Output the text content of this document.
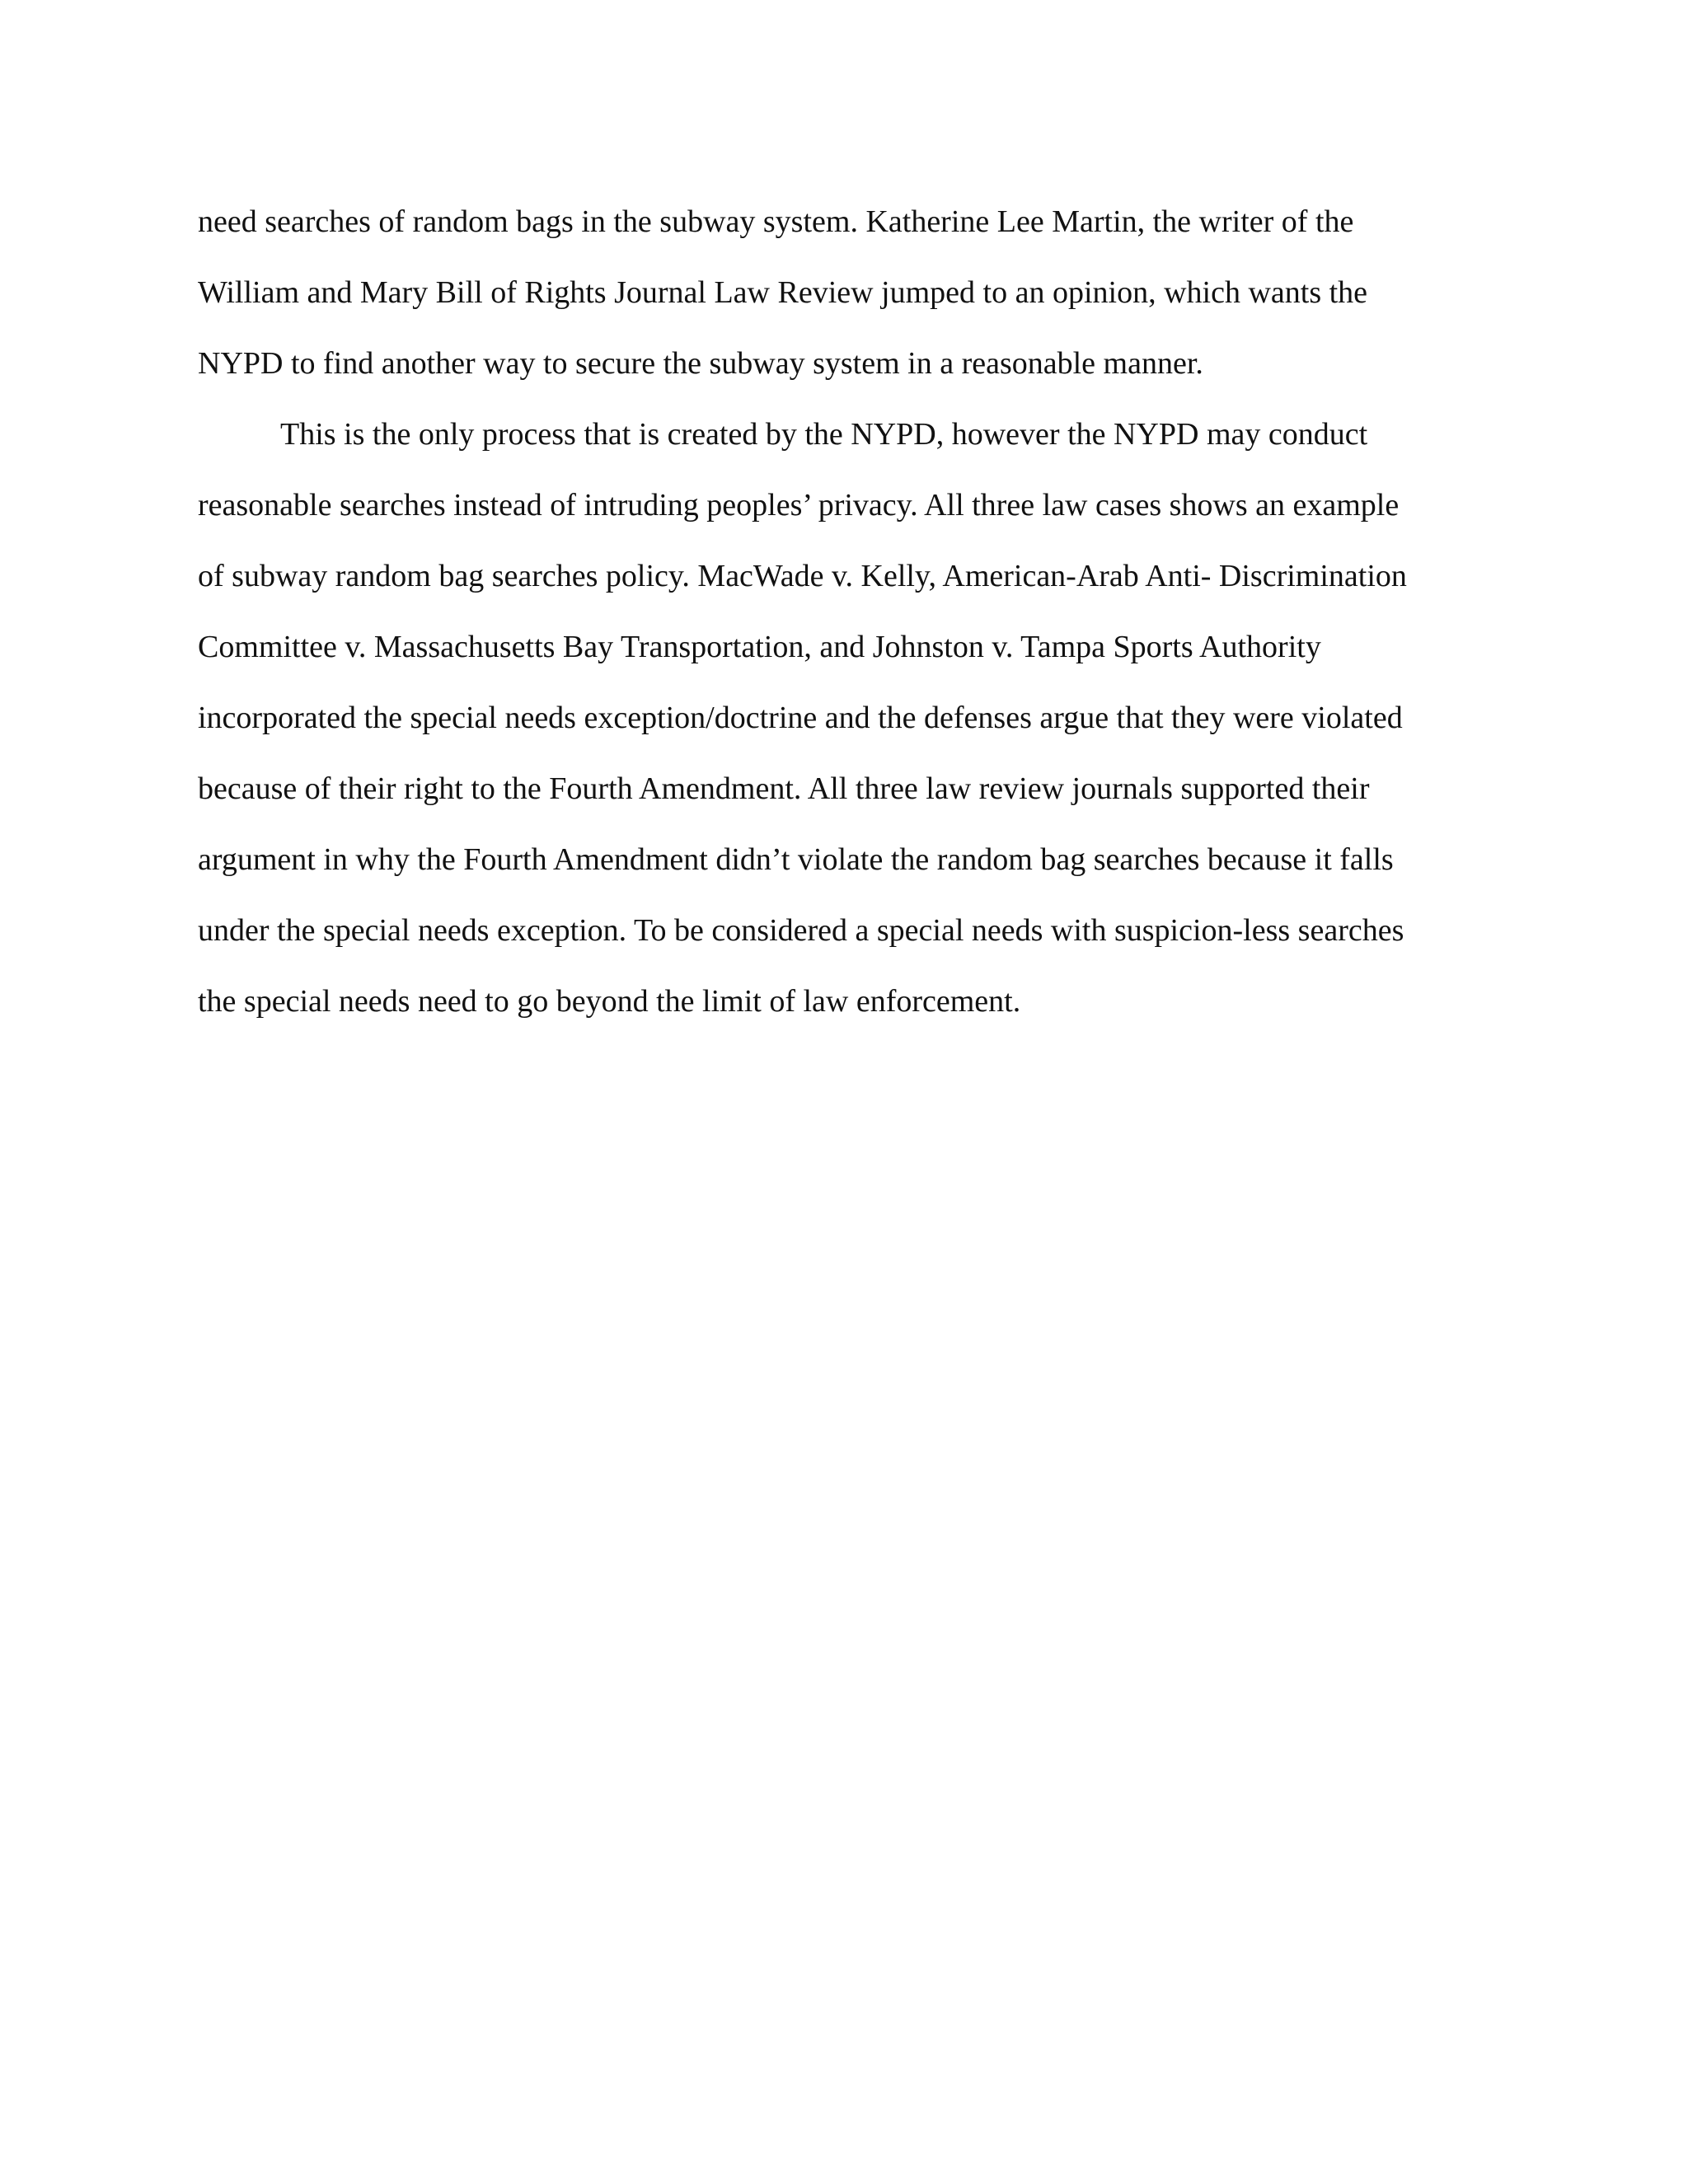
need searches of random bags in the subway system. Katherine Lee Martin, the writer of the
William and Mary Bill of Rights Journal Law Review jumped to an opinion, which wants the
NYPD to find another way to secure the subway system in a reasonable manner.
This is the only process that is created by the NYPD, however the NYPD may conduct
reasonable searches instead of intruding peoples’ privacy. All three law cases shows an example
of subway random bag searches policy. MacWade v. Kelly, American-Arab Anti- Discrimination
Committee v. Massachusetts Bay Transportation, and Johnston v. Tampa Sports Authority
incorporated the special needs exception/doctrine and the defenses argue that they were violated
because of their right to the Fourth Amendment. All three law review journals supported their
argument in why the Fourth Amendment didn’t violate the random bag searches because it falls
under the special needs exception. To be considered a special needs with suspicion-less searches
the special needs need to go beyond the limit of law enforcement.
